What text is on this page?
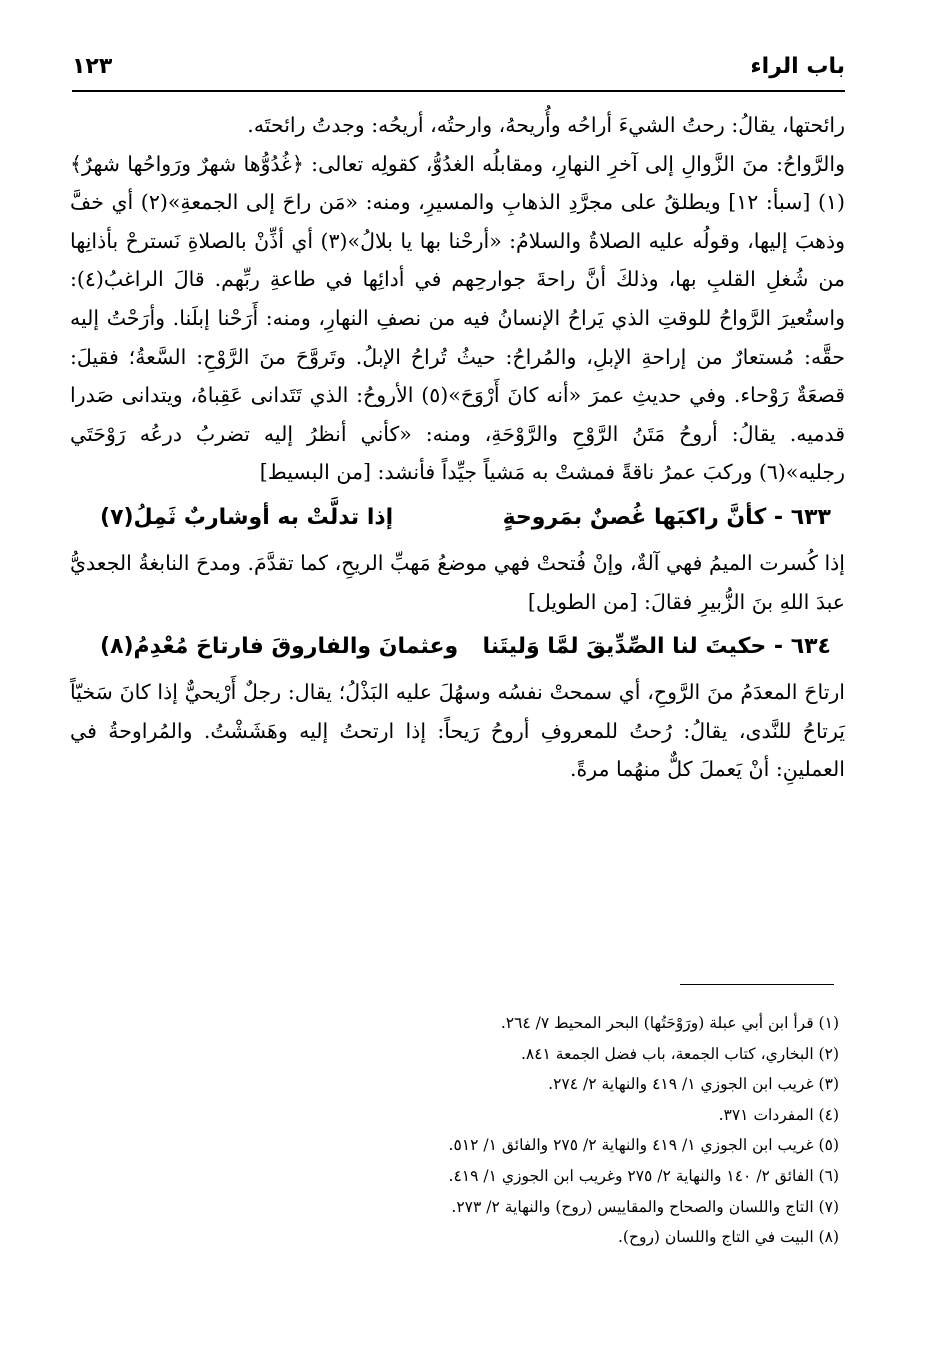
باب الراء
١٢٣

رائحتها، يقالُ: رحتُ الشيءَ أراحُه وأُريحهُ، وارحتُه، أريحُه: وجدتُ رائحتَه.

والرَّواحُ: منَ الزَّوالِ إلى آخرِ النهارِ، ومقابلُه الغدُوُّ، كقولِه تعالى: ﴿غُدُوُّها شهرٌ ورَواحُها شهرٌ﴾(١) [سبأ: ١٢] ويطلقُ على مجرَّدِ الذهابِ والمسيرِ، ومنه: «مَن راحَ إلى الجمعةِ»(٢) أي خفَّ وذهبَ إليها، وقولُه عليه الصلاةُ والسلامُ: «أرحْنا بها يا بلالُ»(٣) أي أذِّنْ بالصلاةِ نَسترحْ بأذانِها من شُغلِ القلبِ بها، وذلكَ أنَّ راحةَ جوارحِهم في أدائِها في طاعةِ ربِّهم. قالَ الراغبُ(٤): واستُعيرَ الرَّواحُ للوقتِ الذي يَراحُ الإنسانُ فيه من نصفِ النهارِ، ومنه: أَرَحْنا إبلَنا. وأرَحْتُ إليه حقَّه: مُستعارٌ من إراحةِ الإبلِ، والمُراحُ: حيثُ تُراحُ الإبلُ. وتَروَّحَ منَ الرَّوْحِ: السَّعةُ؛ فقيلَ: قصعَةٌ رَوْحاء. وفي حديثِ عمرَ «أنه كانَ أَرْوَحَ»(٥) الأروحُ: الذي تَتَدانى عَقِباهُ، ويتدانى صَدرا قدميه. يقالُ: أروحُ مَتَنُ الرَّوْحِ والرَّوْحَةِ، ومنه: «كأني أنظرُ إليه تضربُ درعُه رَوْحَتَي رجليه»(٦) وركبَ عمرُ ناقةً فمشتْ به مَشياً جيِّداً فأنشد: [من البسيط]

٦٣٣ - كأنَّ راكبَها غُصنٌ بمَروحةٍ
إذا تدلَّتْ به أوشاربٌ ثَمِلُ(٧)

إذا كُسرت الميمُ فهي آلةٌ، وإنْ فُتحتْ فهي موضعُ مَهبِّ الريحِ، كما تقدَّمَ. ومدحَ النابغةُ الجعديُّ عبدَ اللهِ بنَ الزُّبيرِ فقالَ: [من الطويل]

٦٣٤ - حكيتَ لنا الصِّدِّيقَ لمَّا وَليتَنا
وعثمانَ والفاروقَ فارتاحَ مُعْدِمُ(٨)

ارتاحَ المعدَمُ منَ الرَّوحِ، أي سمحتْ نفسُه وسهُلَ عليه البَذْلُ؛ يقال: رجلٌ أَرْيحيٌّ إذا كانَ سَخيّاً يَرتاحُ للنَّدى، يقالُ: رُحتُ للمعروفِ أروحُ رَيحاً: إذا ارتحتُ إليه وهَشَشْتُ. والمُراوحةُ في العملينِ: أنْ يَعملَ كلٌّ منهُما مرةً.

(١) قرأ ابن أبي عبلة (ورَوْحَتُها) البحر المحيط ٧/ ٢٦٤.
(٢) البخاري، كتاب الجمعة، باب فضل الجمعة ٨٤١.
(٣) غريب ابن الجوزي ١/ ٤١٩ والنهاية ٢/ ٢٧٤.
(٤) المفردات ٣٧١.
(٥) غريب ابن الجوزي ١/ ٤١٩ والنهاية ٢/ ٢٧٥ والفائق ١/ ٥١٢.
(٦) الفائق ٢/ ١٤٠ والنهاية ٢/ ٢٧٥ وغريب ابن الجوزي ١/ ٤١٩.
(٧) التاج واللسان والصحاح والمقاييس (روح) والنهاية ٢/ ٢٧٣.
(٨) البيت في التاج واللسان (روح).
